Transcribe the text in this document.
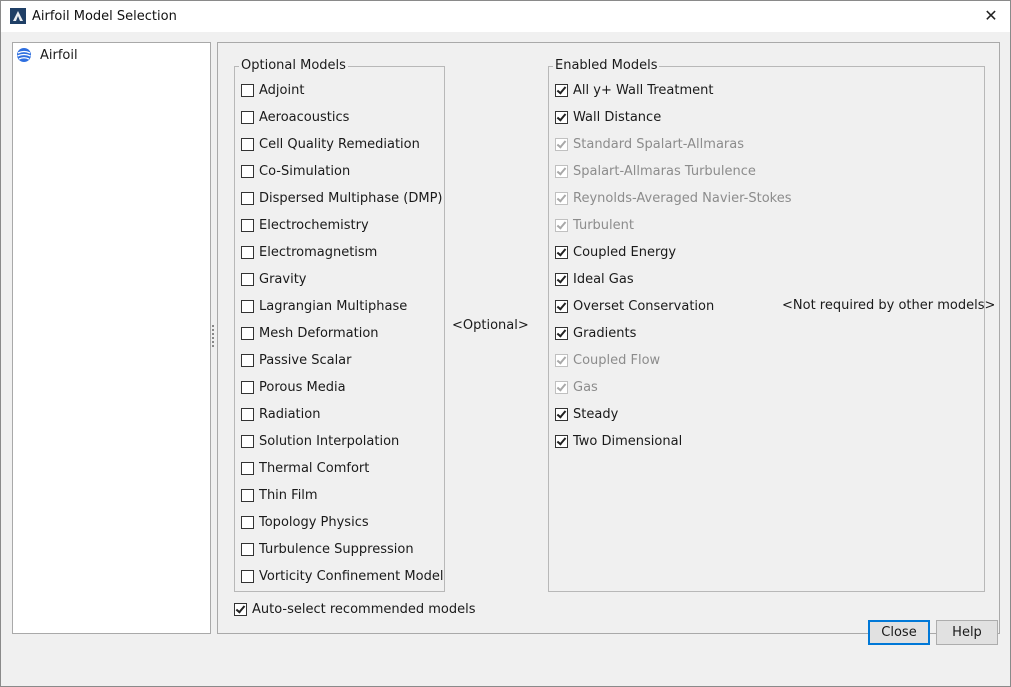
Airfoil Model Selection	✕
Airfoil
Optional Models
Adjoint
Aeroacoustics
Cell Quality Remediation
Co-Simulation
Dispersed Multiphase (DMP)
Electrochemistry
Electromagnetism
Gravity
Lagrangian Multiphase
Mesh Deformation
Passive Scalar
Porous Media
Radiation
Solution Interpolation
Thermal Comfort
Thin Film
Topology Physics
Turbulence Suppression
Vorticity Confinement Model
<Optional>
Enabled Models
All y+ Wall Treatment
Wall Distance
Standard Spalart-Allmaras
Spalart-Allmaras Turbulence
Reynolds-Averaged Navier-Stokes
Turbulent
Coupled Energy
Ideal Gas
Overset Conservation
Gradients
Coupled Flow
Gas
Steady
Two Dimensional
<Not required by other models>
Auto-select recommended models
Close	Help
